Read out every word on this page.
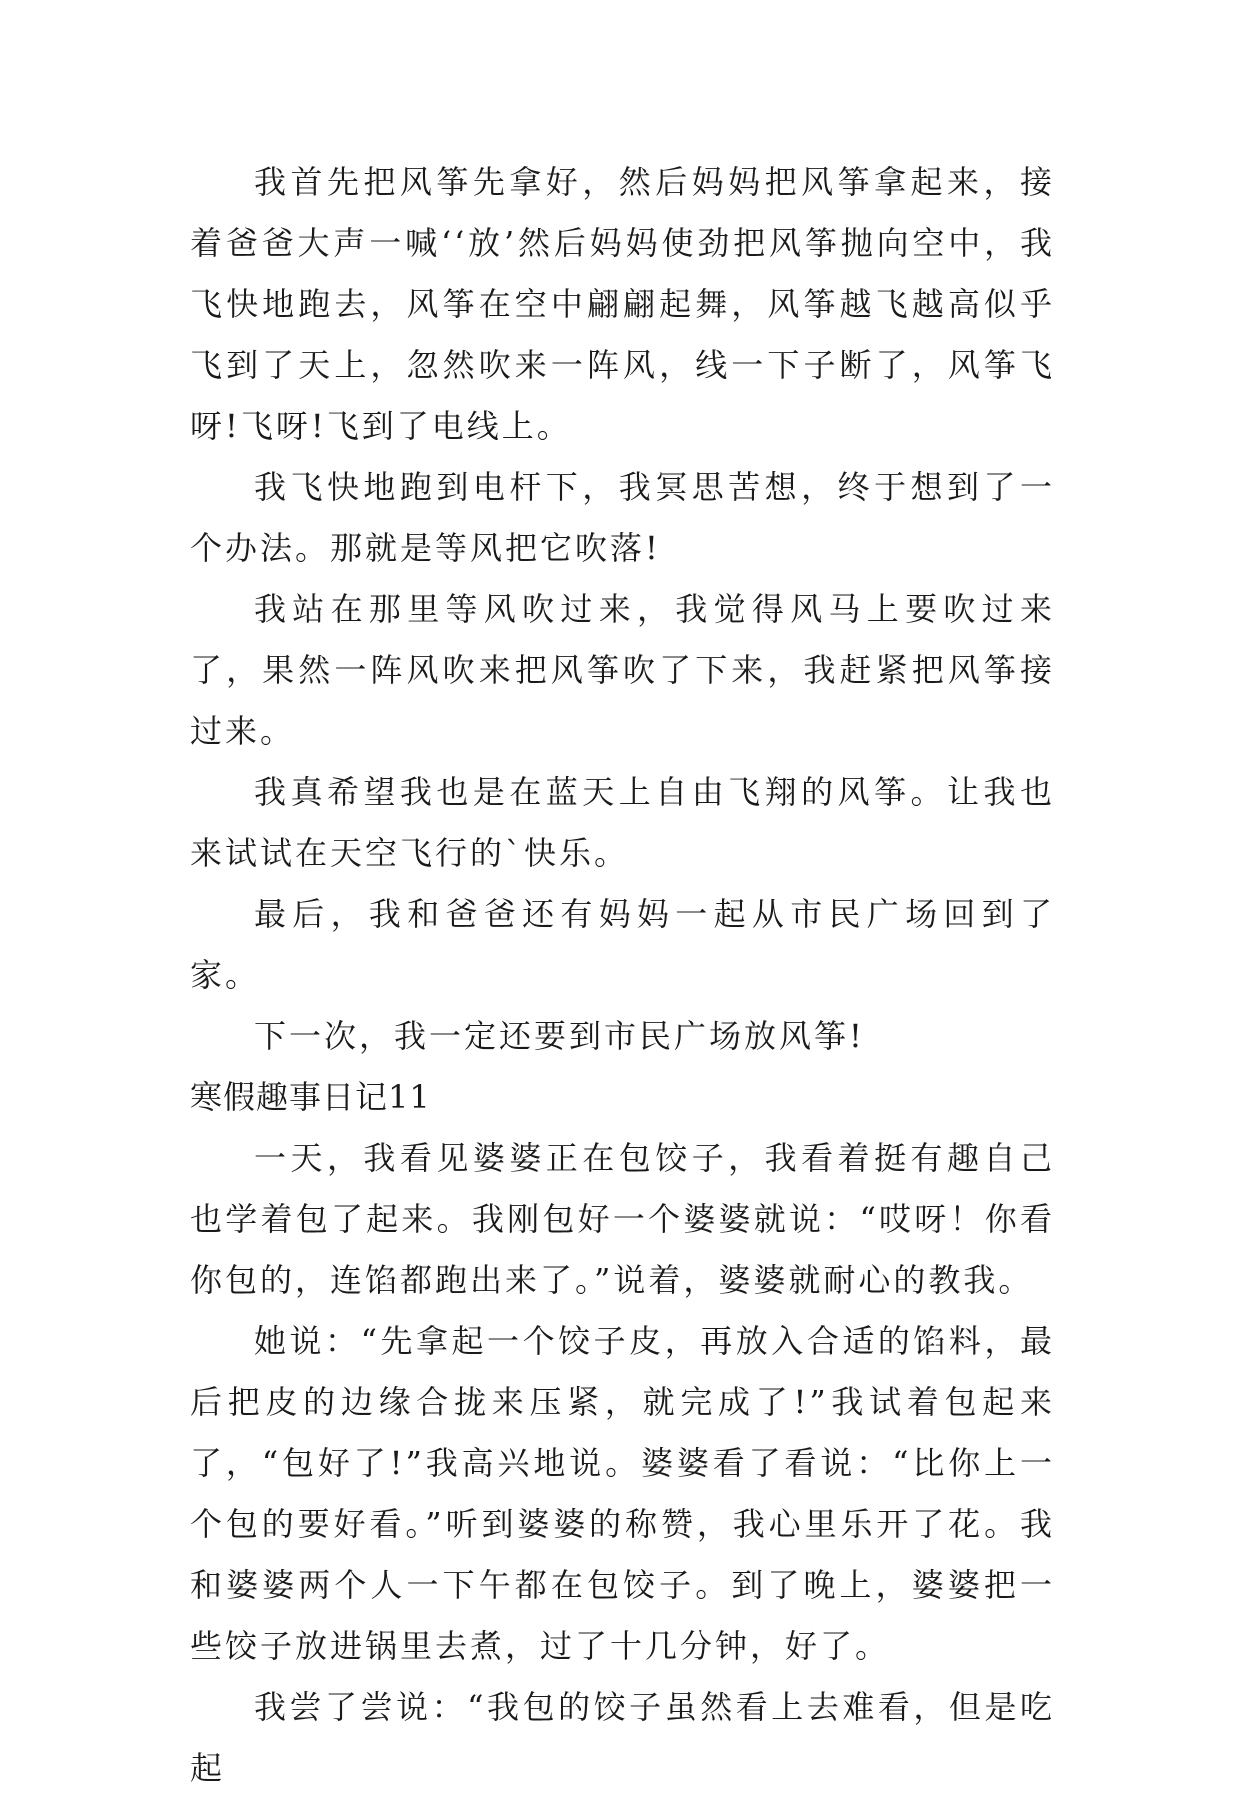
我首先把风筝先拿好，然后妈妈把风筝拿起来，接着爸爸大声一喊‘‘放’然后妈妈使劲把风筝抛向空中，我飞快地跑去，风筝在空中翩翩起舞，风筝越飞越高似乎飞到了天上，忽然吹来一阵风，线一下子断了，风筝飞呀!飞呀!飞到了电线上。

我飞快地跑到电杆下，我冥思苦想，终于想到了一个办法。那就是等风把它吹落!

我站在那里等风吹过来，我觉得风马上要吹过来了，果然一阵风吹来把风筝吹了下来，我赶紧把风筝接过来。

我真希望我也是在蓝天上自由飞翔的风筝。让我也来试试在天空飞行的`快乐。

最后，我和爸爸还有妈妈一起从市民广场回到了家。

下一次，我一定还要到市民广场放风筝!

寒假趣事日记11

一天，我看见婆婆正在包饺子，我看着挺有趣自己也学着包了起来。我刚包好一个婆婆就说：“哎呀！你看你包的，连馅都跑出来了。”说着，婆婆就耐心的教我。

她说：“先拿起一个饺子皮，再放入合适的馅料，最后把皮的边缘合拢来压紧，就完成了!”我试着包起来了，“包好了!”我高兴地说。婆婆看了看说：“比你上一个包的要好看。”听到婆婆的称赞，我心里乐开了花。我和婆婆两个人一下午都在包饺子。到了晚上，婆婆把一些饺子放进锅里去煮，过了十几分钟，好了。

我尝了尝说：“我包的饺子虽然看上去难看，但是吃起
